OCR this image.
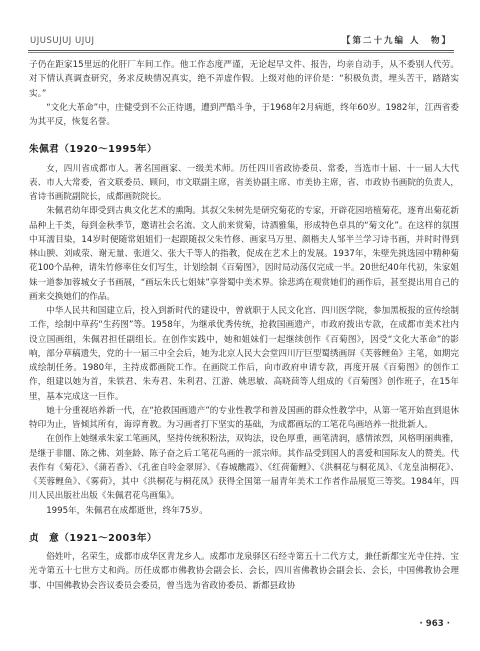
UJUSUJUJ UJUJ	【第二十九编 人　物】

子仍在距家15里远的化肝厂车间工作。他工作态度严谨，无论起早文件、报告，均亲自动手，从不委别人代劳。对下情认真调查研究，务求反映情况真实，绝不弄虚作假。上级对他的评价是：“积极负责，埋头苦干，踏踏实实。”

“文化大革命”中，庄健受到不公正待遇，遭到严酷斗争，于1968年2月病逝，终年60岁。1982年，江西省委为其平反，恢复名誉。

朱佩君（1920～1995年）

女，四川省成都市人。著名国画家、一级美术师。历任四川省政协委员、常委，当选市十届、十一届人大代表、市人大常委，省文联委员、顾问，市文联副主席，省美协副主席、市美协主席，省、市政协书画院的负责人，省诗书画院副院长，成都画院院长。

朱佩君幼年即受到古典文化艺术的熏陶。其叔父朱树先是研究菊花的专家，开辟花园培植菊花，逐育出菊花新品种上千类，每到金秋季节，邀请社会名流、文人前来赏菊，诗酒雅集，形成特色卓具的“菊文化”。在这样的氛围中耳濡目染，14岁时便随常姐姐们一起跟随叔父朱竹修、画家马万里、颜楷夫人邹半兰学习诗书画，并时时得到林山腴、刘咸荥、谢无量、张道父、张大千等人的指教，促成在艺术上的发展。1937年，朱壁先挑选园中精种菊花100个品种，请朱竹修率住女们写生，计划绘制《百菊图》，因时局动荡仅完成一半。20世纪40年代初，朱家姐妹一道参加蓉城女子书画展，“画坛朱氏七姐妹”享誉蜀中美术界。徐悲鸿在观赏她们的画作后，甚至提出用自己的画来交换她们的作品。

中华人民共和国建立后，投入到新时代的建设中，曾就职于人民文化宫、四川医学院，参加黑板报的宣传绘制工作，绘制中草药“生药图”等。1958年，为继承优秀传统，抢救国画遗产，市政府拨出专款，在成都市美术社内设立国画组，朱佩君担任副组长。在创作实践中，她和姐妹们一起继续创作《百菊图》，因受“文化大革命”的影响，部分草稿遗失，党的十一届三中全会后，她为北京人民大会堂四川厅巨型蜀绣画屏《芙蓉鲤鱼》主笔，如期完成绘制任务。1980年，主持成都画院工作。在画院工作后，向市政府申请专款，再度开展《百菊图》的创作工作，组建以她为首，朱铁君、朱寿君、朱利君、江游、姚思敏、高晓茴等人组成的《百菊图》创作班子，在15年里，基本完成这一巨作。

她十分重视培养新一代，在“抢救国画遗产”的专业性教学和普及国画的群众性教学中，从第一笔开始直到退休特印为止，皆倾其所有，诲谆育教。为习画者打下坚实的基础，为成都画坛的工笔花鸟画培养一批批新人。

在创作上她继承朱家工笔画风，坚持传统积粉法，双钩法，设色厚重，画笔清润，感情浓烈，风格明丽典雅，是继于非闇、陈之佛、刘奎龄、陈子奋之后工笔花鸟画的一派宗师。其作品受到国人的喜爱和国际友人的赞美。代表作有《菊花》、《蒲若香》、《孔雀自呤金翠屏》、《春城醮霞》、《红荷葡鲤》、《洪桐花与桐花凤》、《龙皇油桐花》、《芙蓉鲤鱼》、《雾荷》，其中《洪桐花与桐花凤》获得全国第一届青年美术工作者作品展览三等奖。1984年，四川人民出版社出版《朱佩君花鸟画集》。

1995年，朱佩君在成都逝世，终年75岁。

贞　意（1921～2003年）

俗姓叶，名荣生，成都市成华区青龙乡人。成都市龙泉驿区石经寺第五十二代方丈，兼任新都宝光寺住持、宝光寺第五十七世方丈和尚。历任成都市佛教协会副会长、会长，四川省佛教协会副会长、会长，中国佛教协会理事、中国佛教协会咨议委员会委员，曾当选为省政协委员、新都县政协

· 963 ·
